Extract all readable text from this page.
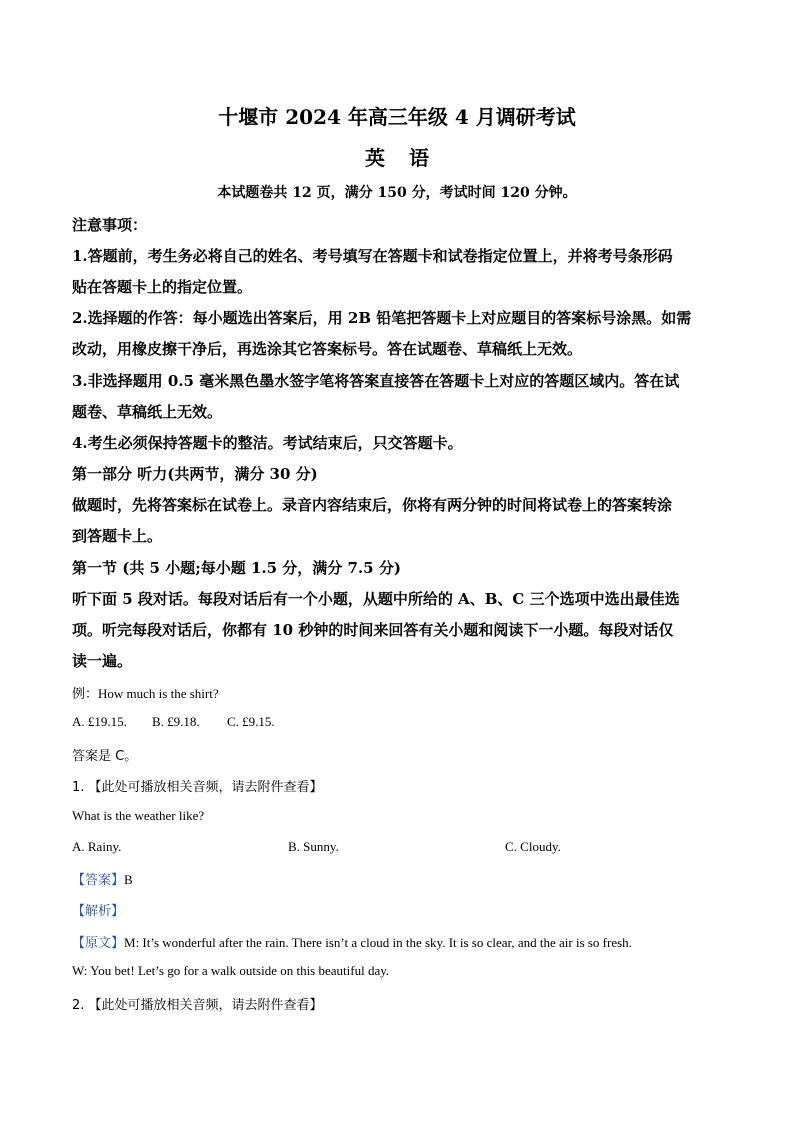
十堰市 2024 年高三年级 4 月调研考试
英语
本试题卷共 12 页，满分 150 分，考试时间 120 分钟。
注意事项：
1.答题前，考生务必将自己的姓名、考号填写在答题卡和试卷指定位置上，并将考号条形码
贴在答题卡上的指定位置。
2.选择题的作答：每小题选出答案后，用 2B 铅笔把答题卡上对应题目的答案标号涂黑。如需
改动，用橡皮擦干净后，再选涂其它答案标号。答在试题卷、草稿纸上无效。
3.非选择题用 0.5 毫米黑色墨水签字笔将答案直接答在答题卡上对应的答题区域内。答在试
题卷、草稿纸上无效。
4.考生必须保持答题卡的整洁。考试结束后，只交答题卡。
第一部分 听力(共两节，满分 30 分)
做题时，先将答案标在试卷上。录音内容结束后，你将有两分钟的时间将试卷上的答案转涂
到答题卡上。
第一节 (共 5 小题;每小题 1.5 分，满分 7.5 分)
听下面 5 段对话。每段对话后有一个小题，从题中所给的 A、B、C 三个选项中选出最佳选
项。听完每段对话后，你都有 10 秒钟的时间来回答有关小题和阅读下一小题。每段对话仅
读一遍。
例：How much is the shirt?
A. £19.15. B. £9.18. C. £9.15.
答案是 C。
1. 【此处可播放相关音频，请去附件查看】
What is the weather like?
A. Rainy.	B. Sunny.	C. Cloudy.
【答案】B
【解析】
【原文】M: It’s wonderful after the rain. There isn’t a cloud in the sky. It is so clear, and the air is so fresh.
W: You bet! Let’s go for a walk outside on this beautiful day.
2. 【此处可播放相关音频，请去附件查看】
